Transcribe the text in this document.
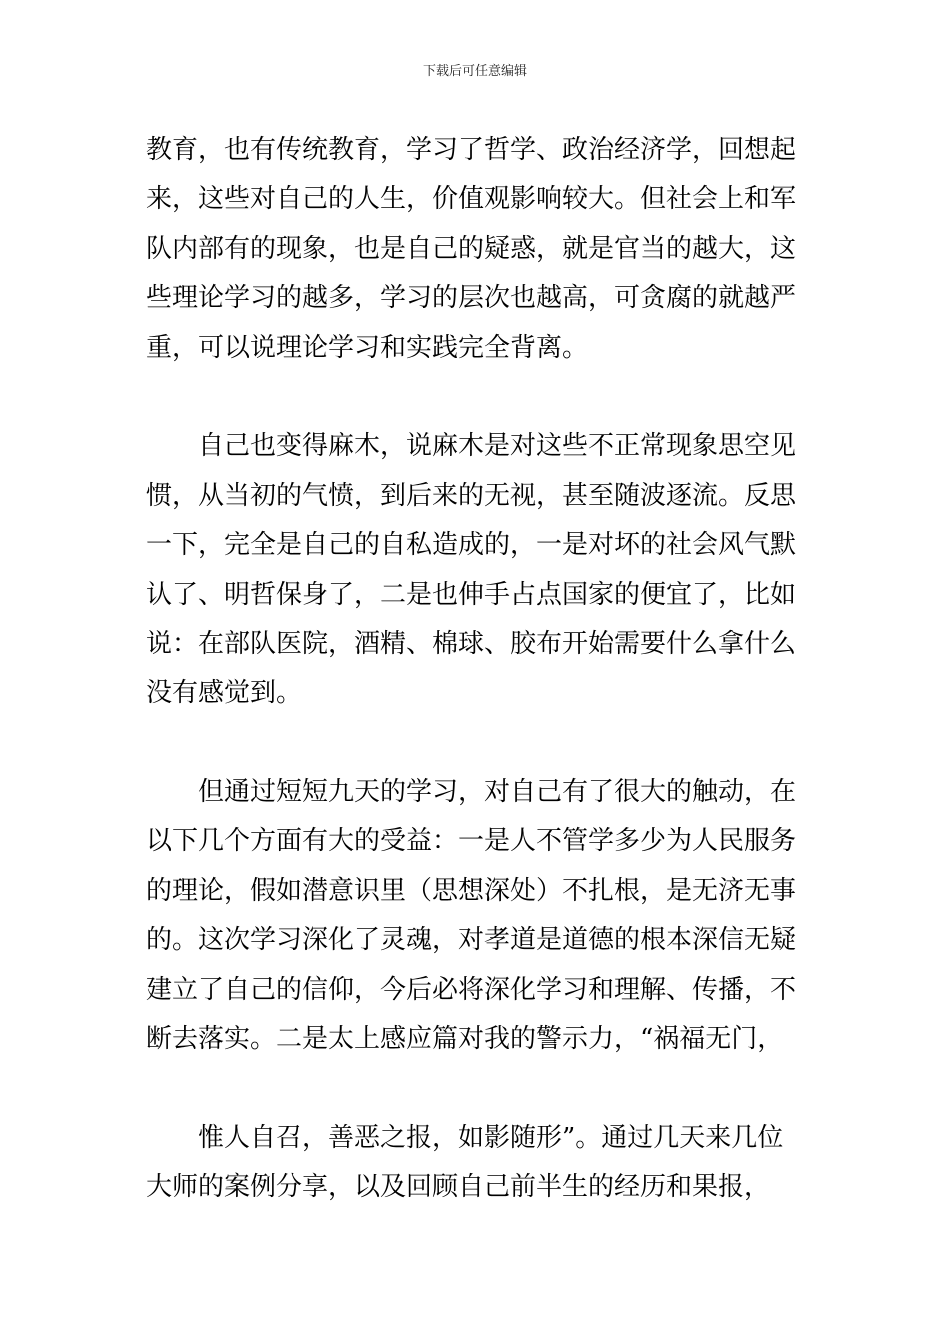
下载后可任意编辑
教育，也有传统教育，学习了哲学、政治经济学，回想起
来，这些对自己的人生，价值观影响较大。但社会上和军
队内部有的现象，也是自己的疑惑，就是官当的越大，这
些理论学习的越多，学习的层次也越高，可贪腐的就越严
重，可以说理论学习和实践完全背离。
　　自己也变得麻木，说麻木是对这些不正常现象思空见
惯，从当初的气愤，到后来的无视，甚至随波逐流。反思
一下，完全是自己的自私造成的，一是对坏的社会风气默
认了、明哲保身了，二是也伸手占点国家的便宜了，比如
说：在部队医院，酒精、棉球、胶布开始需要什么拿什么
没有感觉到。
　　但通过短短九天的学习，对自己有了很大的触动，在
以下几个方面有大的受益：一是人不管学多少为人民服务
的理论，假如潜意识里（思想深处）不扎根，是无济无事
的。这次学习深化了灵魂，对孝道是道德的根本深信无疑
建立了自己的信仰，今后必将深化学习和理解、传播，不
断去落实。二是太上感应篇对我的警示力，“祸福无门，
　　惟人自召，善恶之报，如影随形”。通过几天来几位
大师的案例分享，以及回顾自己前半生的经历和果报，
